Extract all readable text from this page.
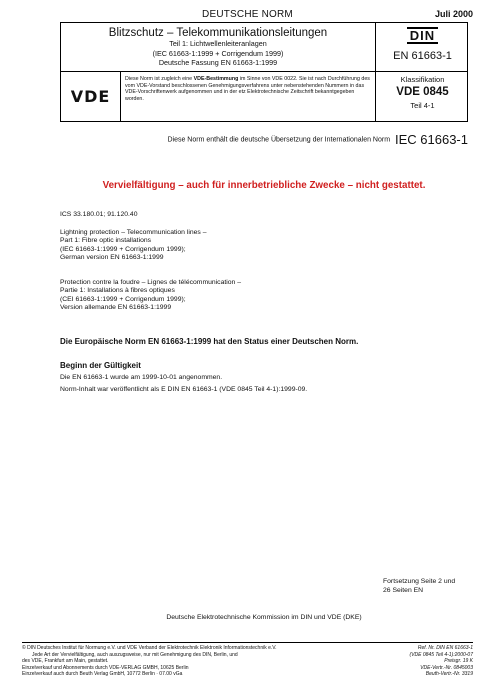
DEUTSCHE NORM	Juli 2000
Blitzschutz – Telekommunikationsleitungen
Teil 1: Lichtwellenleiteranlagen
(IEC 61663-1:1999 + Corrigendum 1999)
Deutsche Fassung EN 61663-1:1999
DIN
EN 61663-1
VDE
Diese Norm ist zugleich eine VDE-Bestimmung im Sinne von VDE 0022. Sie ist nach Durchführung des vom VDE-Vorstand beschlossenen Genehmigungsverfahrens unter nebenstehenden Nummern in das VDE-Vorschriftenwerk aufgenommen und in der etz Elektrotechnische Zeitschrift bekanntgegeben worden.
Klassifikation
VDE 0845
Teil 4-1
Diese Norm enthält die deutsche Übersetzung der Internationalen Norm IEC 61663-1
Vervielfältigung – auch für innerbetriebliche Zwecke – nicht gestattet.
ICS 33.180.01; 91.120.40
Lightning protection – Telecommunication lines –
Part 1: Fibre optic installations
(IEC 61663-1:1999 + Corrigendum 1999);
German version EN 61663-1:1999
Protection contre la foudre – Lignes de télécommunication –
Partie 1: Installations à fibres optiques
(CEI 61663-1:1999 + Corrigendum 1999);
Version allemande EN 61663-1:1999
Die Europäische Norm EN 61663-1:1999 hat den Status einer Deutschen Norm.
Beginn der Gültigkeit
Die EN 61663-1 wurde am 1999-10-01 angenommen.
Norm-Inhalt war veröffentlicht als E DIN EN 61663-1 (VDE 0845 Teil 4-1):1999-09.
Fortsetzung Seite 2 und
26 Seiten EN
Deutsche Elektrotechnische Kommission im DIN und VDE (DKE)
© DIN Deutsches Institut für Normung e.V. und VDE Verband der Elektrotechnik Elektronik Informationstechnik e.V.
Jede Art der Vervielfältigung, auch auszugsweise, nur mit Genehmigung des DIN, Berlin, und
des VDE, Frankfurt am Main, gestattet.
Einzelverkauf und Abonnements durch VDE-VERLAG GMBH, 10625 Berlin
Einzelverkauf auch durch Beuth Verlag GmbH, 10772 Berlin · 07.00 vGa
Ref. Nr. DIN EN 61663-1
(VDE 0845 Teil 4-1):2000-07
Preisgr. 19 K
VDE-Vertr.-Nr. 0845003
Beuth-Vertr.-Nr. 3319
